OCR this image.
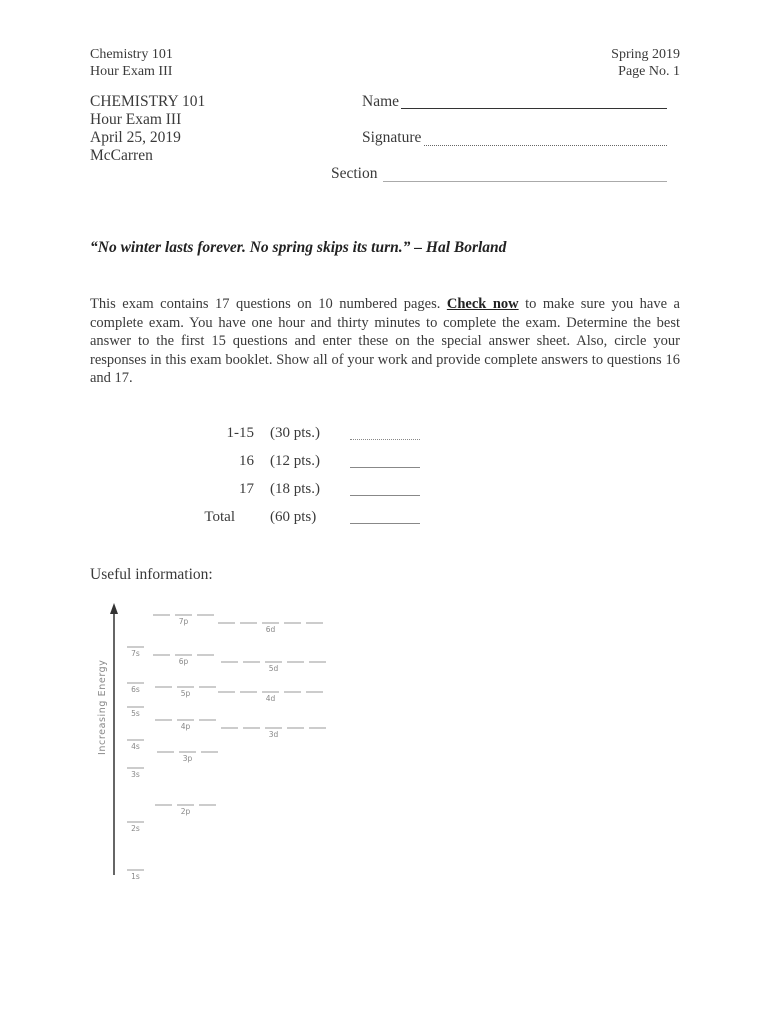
Chemistry 101
Hour Exam III
Spring 2019
Page No. 1
CHEMISTRY 101
Hour Exam III
April 25, 2019
McCarren
Name
Signature
Section
“No winter lasts forever. No spring skips its turn.” – Hal Borland
This exam contains 17 questions on 10 numbered pages. Check now to make sure you have a complete exam. You have one hour and thirty minutes to complete the exam. Determine the best answer to the first 15 questions and enter these on the special answer sheet. Also, circle your responses in this exam booklet. Show all of your work and provide complete answers to questions 16 and 17.
1-15	(30 pts.)	

16	(12 pts.)	

17	(18 pts.)	

Total	(60 pts)	
Useful information:
Increasing Energy
1s
2s
2p
3s
3p
4s
3d
4p
5s
4d
5p
6s
5d
6p
7s
6d
7p
